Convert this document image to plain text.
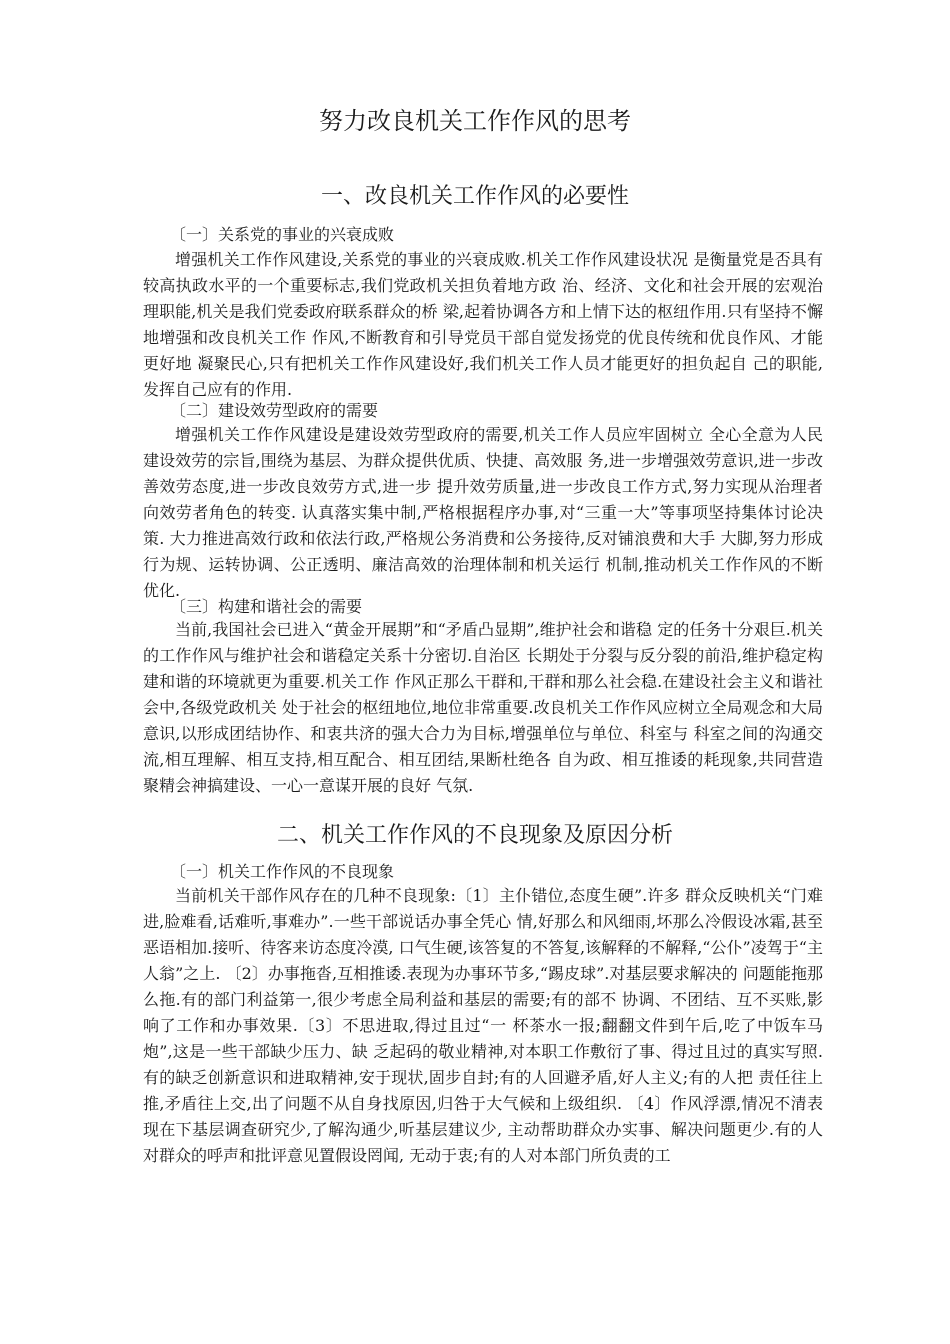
努力改良机关工作作风的思考
一、改良机关工作作风的必要性

〔一〕关系党的事业的兴衰成败

增强机关工作作风建设,关系党的事业的兴衰成败.机关工作作风建设状况 是衡量党是否具有较高执政水平的一个重要标志,我们党政机关担负着地方政 治、经济、文化和社会开展的宏观治理职能,机关是我们党委政府联系群众的桥 梁,起着协调各方和上情下达的枢纽作用.只有坚持不懈地增强和改良机关工作 作风,不断教育和引导党员干部自觉发扬党的优良传统和优良作风、才能更好地 凝聚民心,只有把机关工作作风建设好,我们机关工作人员才能更好的担负起自 己的职能,发挥自己应有的作用.

〔二〕建设效劳型政府的需要

增强机关工作作风建设是建设效劳型政府的需要,机关工作人员应牢固树立 全心全意为人民建设效劳的宗旨,围绕为基层、为群众提供优质、快捷、高效服 务,进一步增强效劳意识,进一步改善效劳态度,进一步改良效劳方式,进一步 提升效劳质量,进一步改良工作方式,努力实现从治理者向效劳者角色的转变. 认真落实集中制,严格根据程序办事,对“三重一大”等事项坚持集体讨论决策. 大力推进高效行政和依法行政,严格规公务消费和公务接待,反对铺浪费和大手 大脚,努力形成行为规、运转协调、公正透明、廉洁高效的治理体制和机关运行 机制,推动机关工作作风的不断优化.

〔三〕构建和谐社会的需要

当前,我国社会已进入“黄金开展期”和“矛盾凸显期”,维护社会和谐稳 定的任务十分艰巨.机关的工作作风与维护社会和谐稳定关系十分密切.自治区 长期处于分裂与反分裂的前沿,维护稳定构建和谐的环境就更为重要.机关工作 作风正那么干群和,干群和那么社会稳.在建设社会主义和谐社会中,各级党政机关 处于社会的枢纽地位,地位非常重要.改良机关工作作风应树立全局观念和大局 意识,以形成团结协作、和衷共济的强大合力为目标,增强单位与单位、科室与 科室之间的沟通交流,相互理解、相互支持,相互配合、相互团结,果断杜绝各 自为政、相互推诿的耗现象,共同营造聚精会神搞建设、一心一意谋开展的良好 气氛.

二、机关工作作风的不良现象及原因分析

〔一〕机关工作作风的不良现象

当前机关干部作风存在的几种不良现象:〔1〕主仆错位,态度生硬”.许多 群众反映机关“门难进,脸难看,话难听,事难办”.一些干部说话办事全凭心 情,好那么和风细雨,坏那么冷假设冰霜,甚至恶语相加.接听、待客来访态度冷漠, 口气生硬,该答复的不答复,该解释的不解释,“公仆”凌驾于“主人翁”之上. 〔2〕办事拖沓,互相推诿.表现为办事环节多,“踢皮球”.对基层要求解决的 问题能拖那么拖.有的部门利益第一,很少考虑全局利益和基层的需要;有的部不 协调、不团结、互不买账,影响了工作和办事效果.〔3〕不思进取,得过且过“一 杯茶水一报;翻翻文件到午后,吃了中饭车马炮”,这是一些干部缺少压力、缺 乏起码的敬业精神,对本职工作敷衍了事、得过且过的真实写照.有的缺乏创新意识和进取精神,安于现状,固步自封;有的人回避矛盾,好人主义;有的人把 责任往上推,矛盾往上交,出了问题不从自身找原因,归咎于大气候和上级组织. 〔4〕作风浮漂,情况不清表现在下基层调查研究少,了解沟通少,听基层建议少, 主动帮助群众办实事、解决问题更少.有的人对群众的呼声和批评意见置假设罔闻, 无动于衷;有的人对本部门所负责的工
